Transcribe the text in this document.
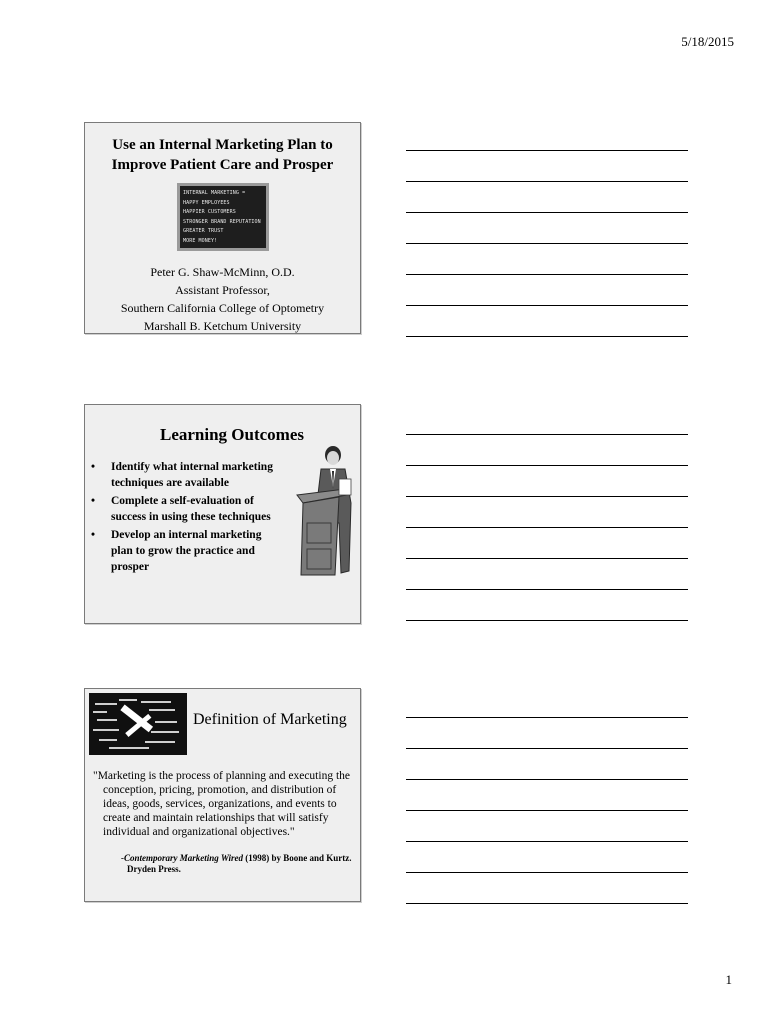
5/18/2015
Use an Internal Marketing Plan to
Improve Patient Care and Prosper
INTERNAL MARKETING =
HAPPY EMPLOYEES
HAPPIER CUSTOMERS
STRONGER BRAND REPUTATION
GREATER TRUST
MORE MONEY!
Peter G. Shaw-McMinn, O.D.
Assistant Professor,
Southern California College of Optometry
Marshall B. Ketchum University
Learning Outcomes
• Identify what internal marketing techniques are available
• Complete a self-evaluation of success in using these techniques
• Develop an internal marketing plan to grow the practice and prosper
Definition of Marketing
"Marketing is the process of planning and executing the conception, pricing, promotion, and distribution of ideas, goods, services, organizations, and events to create and maintain relationships that will satisfy individual and organizational objectives."
-Contemporary Marketing Wired (1998) by Boone and Kurtz. Dryden Press.
1
